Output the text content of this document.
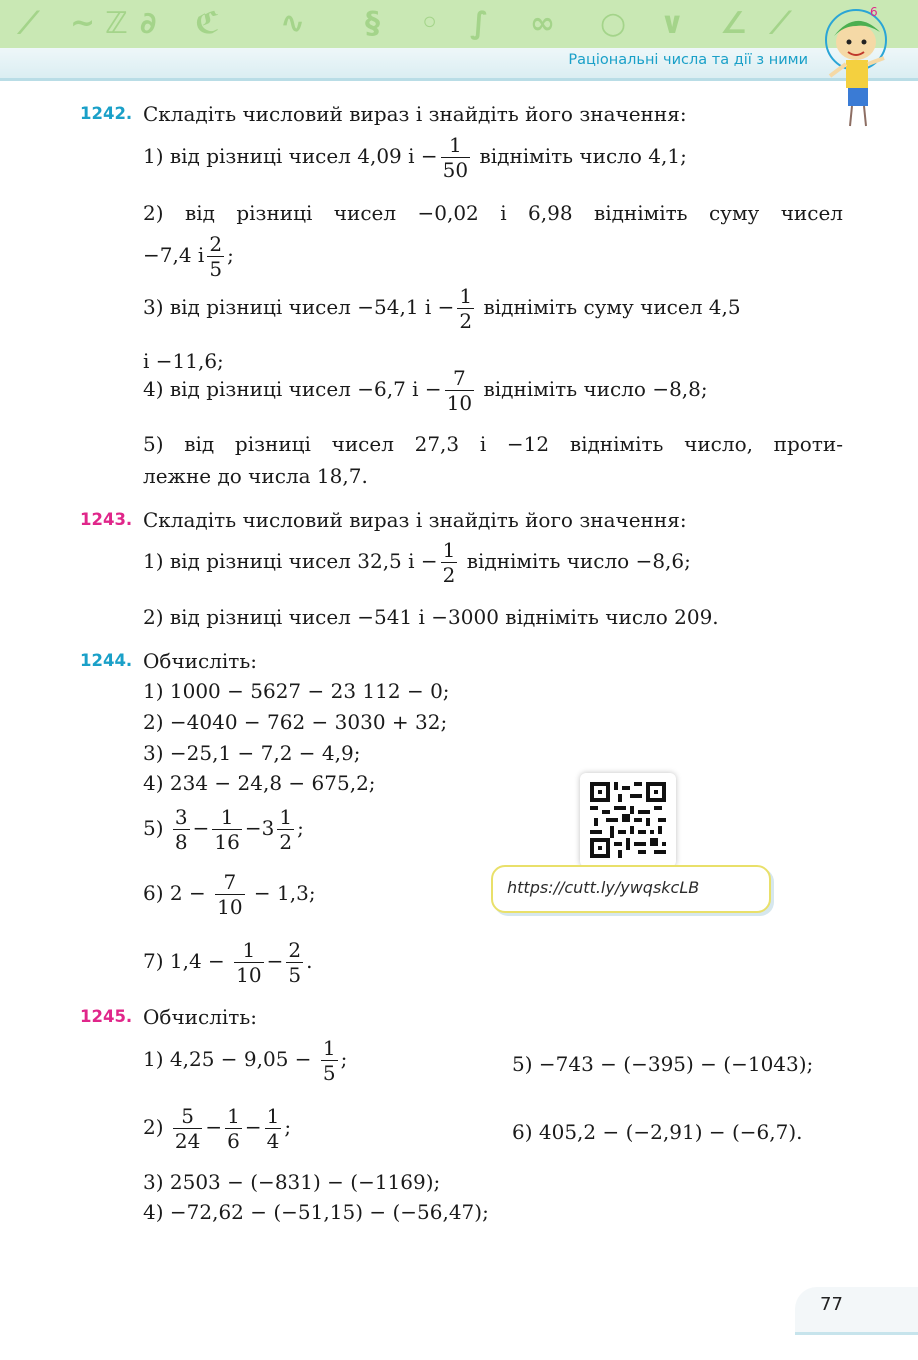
⟋ ~ ℤ ∂ ℭ ∿ § ◦ ∫ ∞ ○ ∨ ∠ ⟋
Раціональні числа та дії з ними
6
1242. Складіть числовий вираз і знайдіть його значення:
1) від різниці чисел 4,09 $і - \frac{1}{50}$ відніміть число 4,1;
2) від різниці чисел −0,02 і 6,98 відніміть суму чисел
−7,4 і $\frac{2}{5}$ ;
3) від різниці чисел −54,1 $і - \frac{1}{2}$ відніміть суму чисел 4,5
і −11,6;
4) від різниці чисел −6,7 $і - \frac{7}{10}$ відніміть число −8,8;
5) від різниці чисел 27,3 і −12 відніміть число, проти-
лежне до числа 18,7.
1243. Складіть числовий вираз і знайдіть його значення:
1) від різниці чисел 32,5 $і - \frac{1}{2}$ відніміть число −8,6;
2) від різниці чисел −541 і −3000 відніміть число 209.
1244. Обчисліть:
1) 1000 − 5627 − 23 112 − 0;
2) −4040 − 762 − 3030 + 32;
3) −25,1 − 7,2 − 4,9;
4) 234 − 24,8 − 675,2;
$5) \frac{3}{8} - \frac{1}{16} -3 \frac{1}{2}$ ;
6) $2 - \frac{7}{10} - 1,3$;
7) $1,4 - \frac{1}{10} - \frac{2}{5}$ .
https://cutt.ly/ywqskcLB
1245. Обчисліть:
1) $4,25 - 9,05 - \frac{1}{5}$ ;	5) −743 − (−395) − (−1043);
$2) \frac{5}{24} - \frac{1}{6} - \frac{1}{4}$ ;	6) 405,2 − (−2,91) − (−6,7).
3) 2503 − (−831) − (−1169);
4) −72,62 − (−51,15) − (−56,47);
77
